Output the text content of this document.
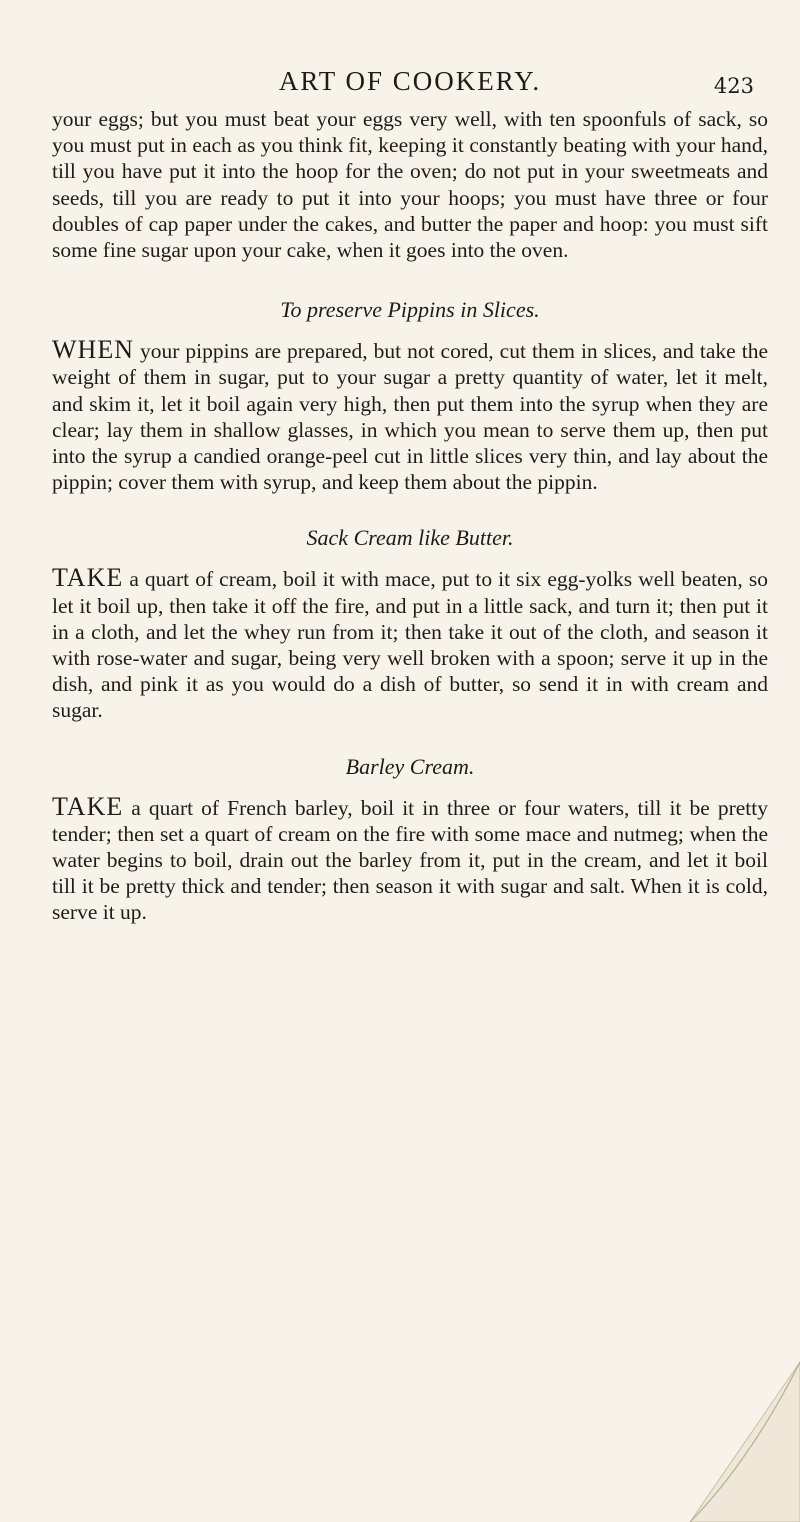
ART OF COOKERY.	423

your eggs; but you must beat your eggs very well, with ten spoonfuls of sack, so you must put in each as you think fit, keeping it constantly beating with your hand, till you have put it into the hoop for the oven; do not put in your sweetmeats and seeds, till you are ready to put it into your hoops; you must have three or four doubles of cap paper under the cakes, and butter the paper and hoop: you must sift some fine sugar upon your cake, when it goes into the oven.

To preserve Pippins in Slices.

WHEN your pippins are prepared, but not cored, cut them in slices, and take the weight of them in sugar, put to your sugar a pretty quantity of water, let it melt, and skim it, let it boil again very high, then put them into the syrup when they are clear; lay them in shallow glasses, in which you mean to serve them up, then put into the syrup a candied orange-peel cut in little slices very thin, and lay about the pippin; cover them with syrup, and keep them about the pippin.

Sack Cream like Butter.

TAKE a quart of cream, boil it with mace, put to it six egg-yolks well beaten, so let it boil up, then take it off the fire, and put in a little sack, and turn it; then put it in a cloth, and let the whey run from it; then take it out of the cloth, and season it with rose-water and sugar, being very well broken with a spoon; serve it up in the dish, and pink it as you would do a dish of butter, so send it in with cream and sugar.

Barley Cream.

TAKE a quart of French barley, boil it in three or four waters, till it be pretty tender; then set a quart of cream on the fire with some mace and nutmeg; when the water begins to boil, drain out the barley from it, put in the cream, and let it boil till it be pretty thick and tender; then season it with sugar and salt. When it is cold, serve it up.
